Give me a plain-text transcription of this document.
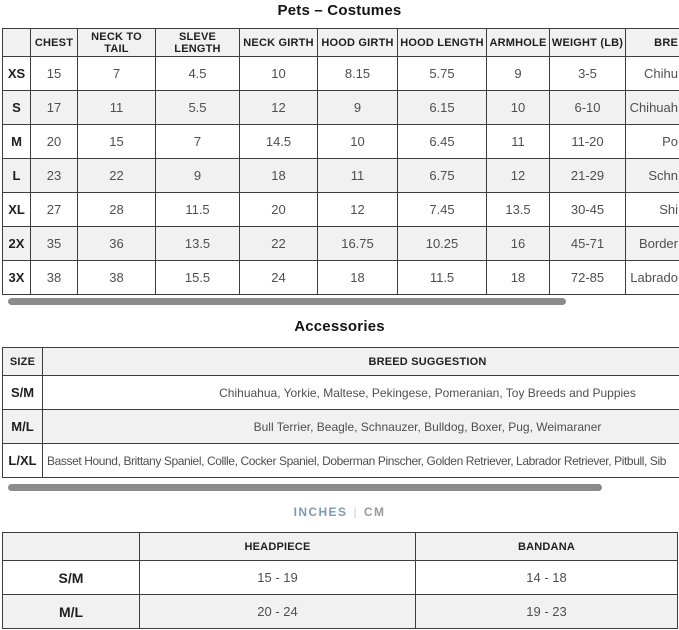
Pets – Costumes
	CHEST	NECK TO TAIL	SLEVE LENGTH	NECK GIRTH	HOOD GIRTH	HOOD LENGTH	ARMHOLE	WEIGHT (LB)	BRE

XS	15	7	4.5	10	8.15	5.75	9	3-5	Chihu

S	17	11	5.5	12	9	6.15	10	6-10	Chihuah

M	20	15	7	14.5	10	6.45	11	11-20	Po

L	23	22	9	18	11	6.75	12	21-29	Schn

XL	27	28	11.5	20	12	7.45	13.5	30-45	Shi

2X	35	36	13.5	22	16.75	10.25	16	45-71	Border

3X	38	38	15.5	24	18	11.5	18	72-85	Labrado
Accessories
SIZE	BREED SUGGESTION
S/M	Chihuahua, Yorkie, Maltese, Pekingese, Pomeranian, Toy Breeds and Puppies
M/L	Bull Terrier, Beagle, Schnauzer, Bulldog, Boxer, Pug, Weimaraner
L/XL	Basset Hound, Brittany Spaniel, Collle, Cocker Spaniel, Doberman Pinscher, Golden Retriever, Labrador Retriever, Pitbull, Sib
INCHES | CM
	HEADPIECE	BANDANA
S/M	15 - 19	14 - 18
M/L	20 - 24	19 - 23
